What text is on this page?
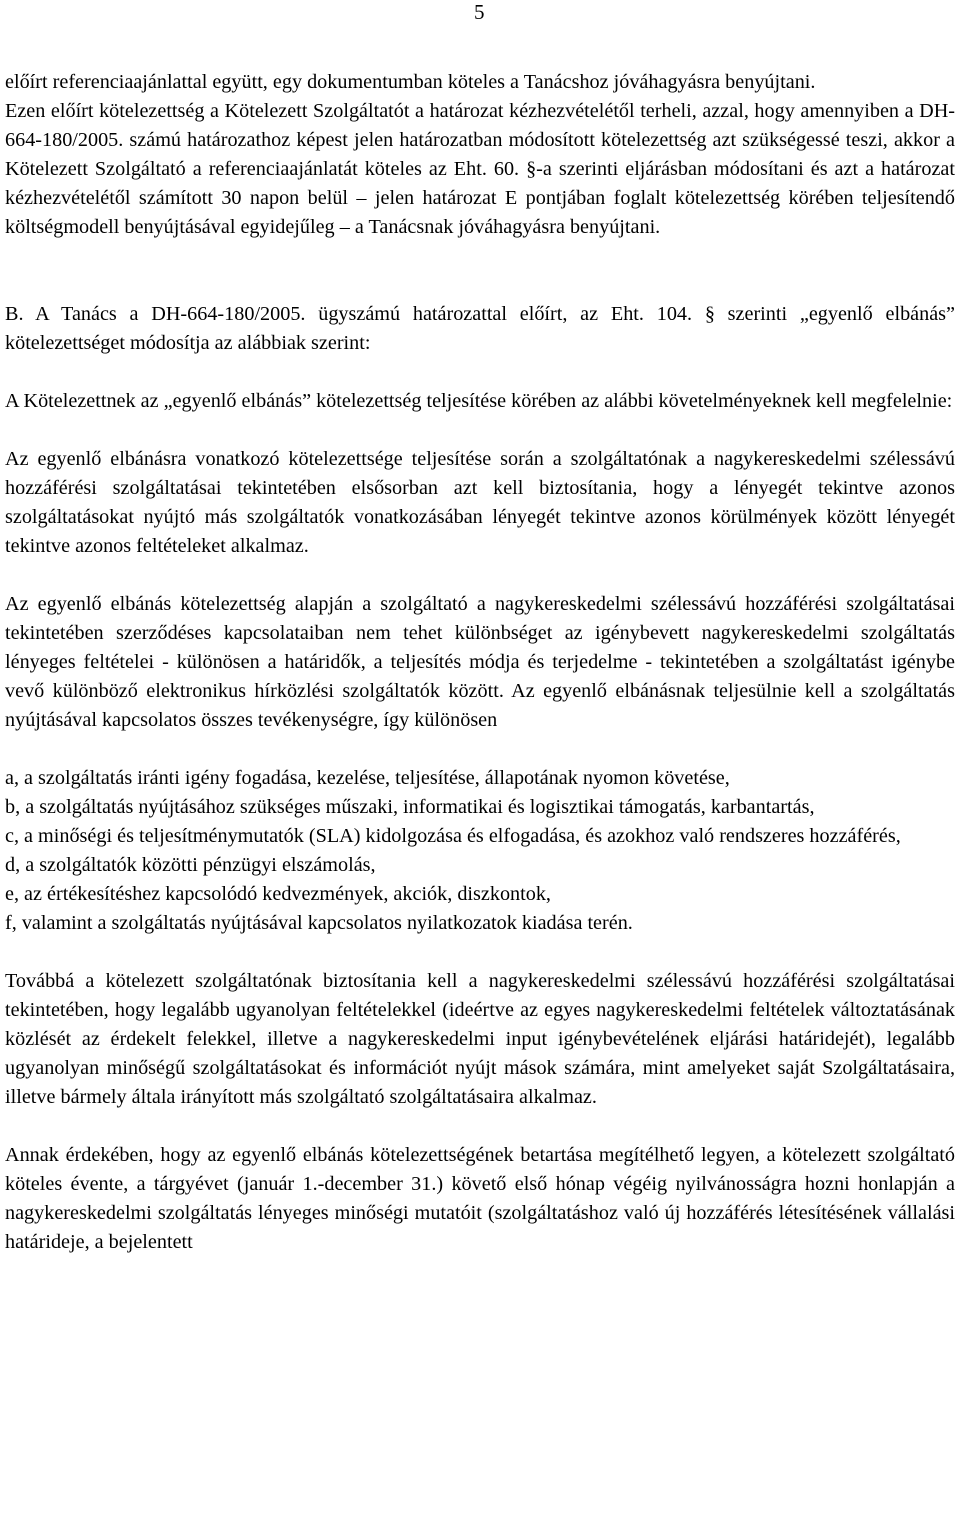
5

előírt referenciaajánlattal együtt, egy dokumentumban köteles a Tanácshoz jóváhagyásra benyújtani.

Ezen előírt kötelezettség a Kötelezett Szolgáltatót a határozat kézhezvételétől terheli, azzal, hogy amennyiben a DH-664-180/2005. számú határozathoz képest jelen határozatban módosított kötelezettség azt szükségessé teszi, akkor a Kötelezett Szolgáltató a referenciaajánlatát köteles az Eht. 60. §-a szerinti eljárásban módosítani és azt a határozat kézhezvételétől számított 30 napon belül – jelen határozat E pontjában foglalt kötelezettség körében teljesítendő költségmodell benyújtásával egyidejűleg – a Tanácsnak jóváhagyásra benyújtani.

B. A Tanács a DH-664-180/2005. ügyszámú határozattal előírt, az Eht. 104. § szerinti „egyenlő elbánás” kötelezettséget módosítja az alábbiak szerint:

A Kötelezettnek az „egyenlő elbánás” kötelezettség teljesítése körében az alábbi követelményeknek kell megfelelnie:

Az egyenlő elbánásra vonatkozó kötelezettsége teljesítése során a szolgáltatónak a nagykereskedelmi szélessávú hozzáférési szolgáltatásai tekintetében elsősorban azt kell biztosítania, hogy a lényegét tekintve azonos szolgáltatásokat nyújtó más szolgáltatók vonatkozásában lényegét tekintve azonos körülmények között lényegét tekintve azonos feltételeket alkalmaz.

Az egyenlő elbánás kötelezettség alapján a szolgáltató a nagykereskedelmi szélessávú hozzáférési szolgáltatásai tekintetében szerződéses kapcsolataiban nem tehet különbséget az igénybevett nagykereskedelmi szolgáltatás lényeges feltételei - különösen a határidők, a teljesítés módja és terjedelme - tekintetében a szolgáltatást igénybe vevő különböző elektronikus hírközlési szolgáltatók között. Az egyenlő elbánásnak teljesülnie kell a szolgáltatás nyújtásával kapcsolatos összes tevékenységre, így különösen

a, a szolgáltatás iránti igény fogadása, kezelése, teljesítése, állapotának nyomon követése,

b, a szolgáltatás nyújtásához szükséges műszaki, informatikai és logisztikai támogatás, karbantartás,

c, a minőségi és teljesítménymutatók (SLA) kidolgozása és elfogadása, és azokhoz való rendszeres hozzáférés,

d, a szolgáltatók közötti pénzügyi elszámolás,

e, az értékesítéshez kapcsolódó kedvezmények, akciók, diszkontok,

f, valamint a szolgáltatás nyújtásával kapcsolatos nyilatkozatok kiadása terén.

Továbbá a kötelezett szolgáltatónak biztosítania kell a nagykereskedelmi szélessávú hozzáférési szolgáltatásai tekintetében, hogy legalább ugyanolyan feltételekkel (ideértve az egyes nagykereskedelmi feltételek változtatásának közlését az érdekelt felekkel, illetve a nagykereskedelmi input igénybevételének eljárási határidejét), legalább ugyanolyan minőségű szolgáltatásokat és információt nyújt mások számára, mint amelyeket saját Szolgáltatásaira, illetve bármely általa irányított más szolgáltató szolgáltatásaira alkalmaz.

Annak érdekében, hogy az egyenlő elbánás kötelezettségének betartása megítélhető legyen, a kötelezett szolgáltató köteles évente, a tárgyévet (január 1.-december 31.) követő első hónap végéig nyilvánosságra hozni honlapján a nagykereskedelmi szolgáltatás lényeges minőségi mutatóit (szolgáltatáshoz való új hozzáférés létesítésének vállalási határideje, a bejelentett
